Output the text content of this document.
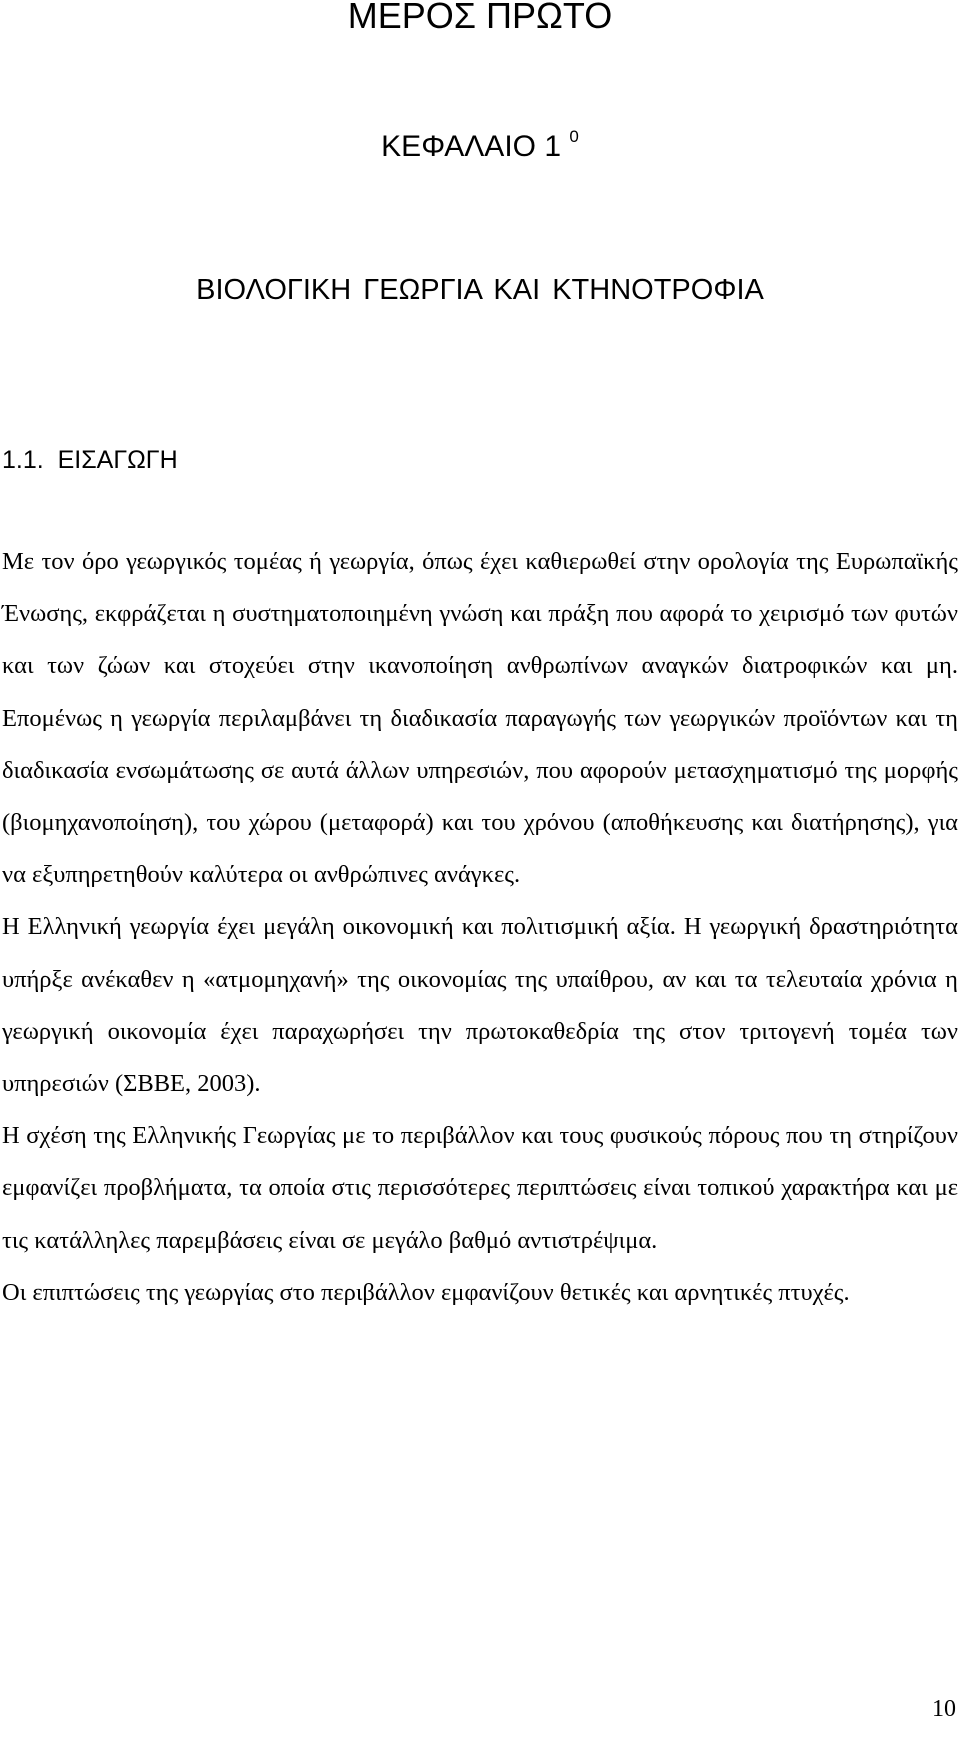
ΜΕΡΟΣ ΠΡΩΤΟ
ΚΕΦΑΛΑΙΟ 1 $^0$
ΒΙΟΛΟΓΙΚΗ ΓΕΩΡΓΙΑ ΚΑΙ ΚΤΗΝΟΤΡΟΦΙΑ
1.1.  ΕΙΣΑΓΩΓΗ

Με τον όρο γεωργικός τομέας ή γεωργία, όπως έχει καθιερωθεί στην ορολογία της Ευρωπαϊκής Ένωσης, εκφράζεται η συστηματοποιημένη γνώση και πράξη που αφορά το χειρισμό των φυτών και των ζώων και στοχεύει στην ικανοποίηση ανθρωπίνων αναγκών διατροφικών και μη. Επομένως η γεωργία περιλαμβάνει τη διαδικασία παραγωγής των γεωργικών προϊόντων και τη διαδικασία ενσωμάτωσης σε αυτά άλλων υπηρεσιών, που αφορούν μετασχηματισμό της μορφής (βιομηχανοποίηση), του χώρου (μεταφορά) και του χρόνου (αποθήκευσης και διατήρησης), για να εξυπηρετηθούν καλύτερα οι ανθρώπινες ανάγκες.

Η Ελληνική γεωργία έχει μεγάλη οικονομική και πολιτισμική αξία. Η γεωργική δραστηριότητα υπήρξε ανέκαθεν η «ατμομηχανή» της οικονομίας της υπαίθρου, αν και τα τελευταία χρόνια η γεωργική οικονομία έχει παραχωρήσει την πρωτοκαθεδρία της στον τριτογενή τομέα των υπηρεσιών (ΣΒΒΕ, 2003).

Η σχέση της Ελληνικής Γεωργίας με το περιβάλλον και τους φυσικούς πόρους που τη στηρίζουν εμφανίζει προβλήματα, τα οποία στις περισσότερες περιπτώσεις είναι τοπικού χαρακτήρα και με τις κατάλληλες παρεμβάσεις είναι σε μεγάλο βαθμό αντιστρέψιμα.

Οι επιπτώσεις της γεωργίας στο περιβάλλον εμφανίζουν θετικές και αρνητικές πτυχές.

10
